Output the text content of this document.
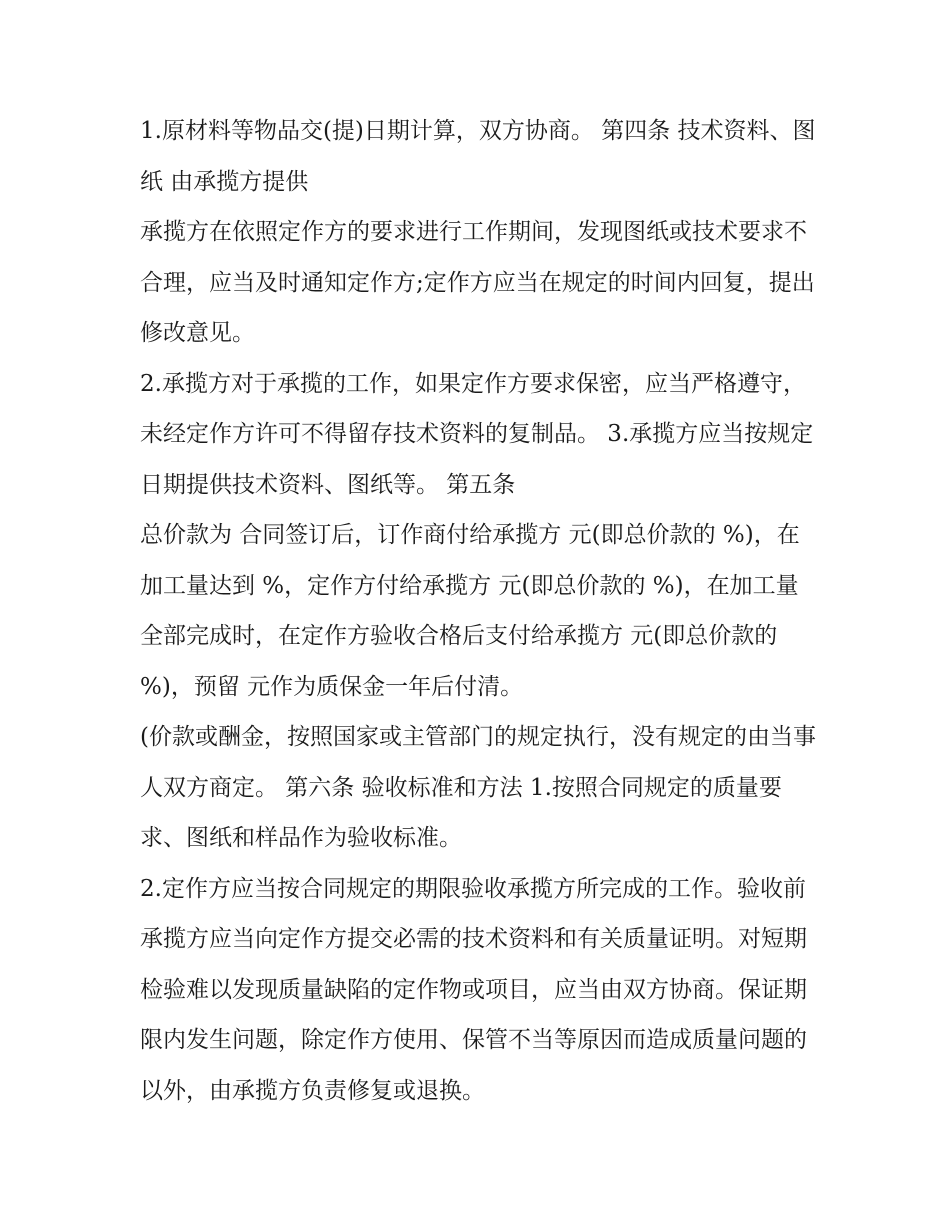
1.原材料等物品交(提)日期计算，双方协商。 第四条 技术资料、图纸 由承揽方提供

承揽方在依照定作方的要求进行工作期间，发现图纸或技术要求不合理，应当及时通知定作方;定作方应当在规定的时间内回复，提出修改意见。

2.承揽方对于承揽的工作，如果定作方要求保密，应当严格遵守，未经定作方许可不得留存技术资料的复制品。 3.承揽方应当按规定日期提供技术资料、图纸等。 第五条

总价款为 合同签订后，订作商付给承揽方 元(即总价款的 %)，在加工量达到 %，定作方付给承揽方 元(即总价款的 %)，在加工量全部完成时，在定作方验收合格后支付给承揽方 元(即总价款的 %)，预留 元作为质保金一年后付清。

(价款或酬金，按照国家或主管部门的规定执行，没有规定的由当事人双方商定。 第六条 验收标准和方法 1.按照合同规定的质量要求、图纸和样品作为验收标准。

2.定作方应当按合同规定的期限验收承揽方所完成的工作。验收前承揽方应当向定作方提交必需的技术资料和有关质量证明。对短期检验难以发现质量缺陷的定作物或项目，应当由双方协商。保证期限内发生问题，除定作方使用、保管不当等原因而造成质量问题的以外，由承揽方负责修复或退换。
